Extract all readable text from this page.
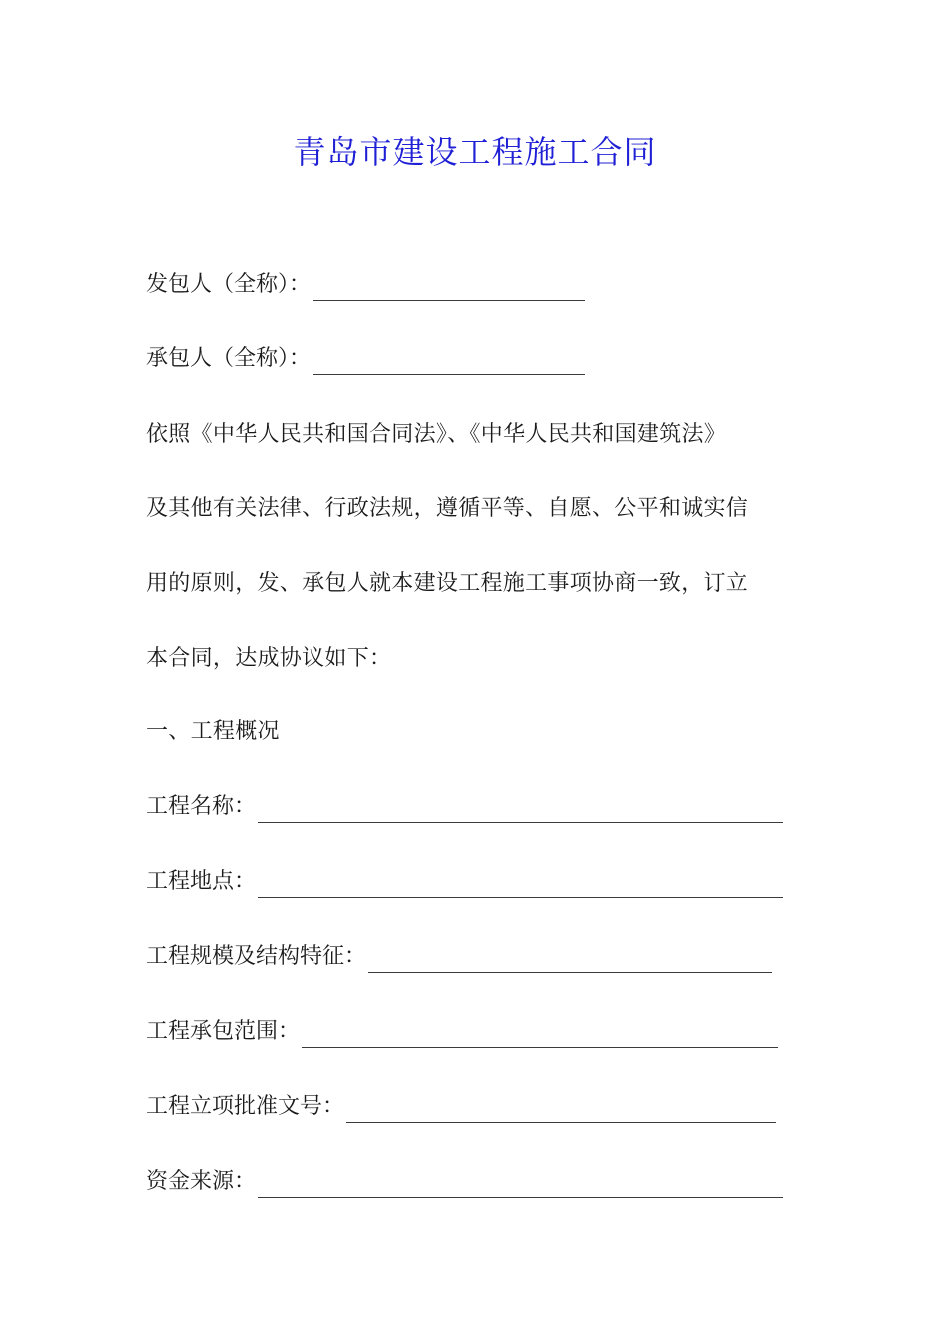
青岛市建设工程施工合同
发包人（全称）：
承包人（全称）：
依照《中华人民共和国合同法》、《中华人民共和国建筑法》
及其他有关法律、行政法规，遵循平等、自愿、公平和诚实信
用的原则，发、承包人就本建设工程施工事项协商一致，订立
本合同，达成协议如下：
一、工程概况
工程名称：
工程地点：
工程规模及结构特征：
工程承包范围：
工程立项批准文号：
资金来源：
